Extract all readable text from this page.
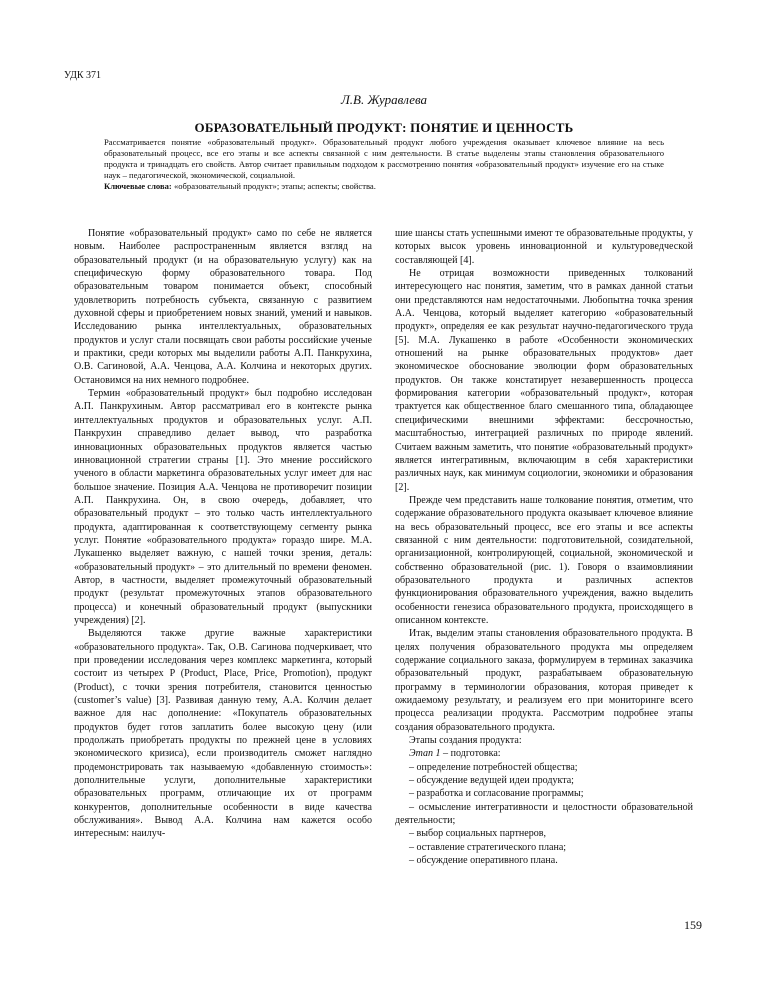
УДК 371
Л.В. Журавлева
ОБРАЗОВАТЕЛЬНЫЙ ПРОДУКТ: ПОНЯТИЕ И ЦЕННОСТЬ

Рассматривается понятие «образовательный продукт». Образовательный продукт любого учреждения оказывает ключевое влияние на весь образовательный процесс, все его этапы и все аспекты связанной с ним деятельности. В статье выделены этапы становления образовательного продукта и тринадцать его свойств. Автор считает правильным подходом к рассмотрению понятия «образовательный продукт» изучение его на стыке наук – педагогической, экономической, социальной.

Ключевые слова: «образовательный продукт»; этапы; аспекты; свойства.

Понятие «образовательный продукт» само по себе не является новым. Наиболее распространенным является взгляд на образовательный продукт (и на образовательную услугу) как на специфическую форму образовательного товара. Под образовательным товаром понимается объект, способный удовлетворить потребность субъекта, связанную с развитием духовной сферы и приобретением новых знаний, умений и навыков. Исследованию рынка интеллектуальных, образовательных продуктов и услуг стали посвящать свои работы российские ученые и практики, среди которых мы выделили работы А.П. Панкрухина, О.В. Сагиновой, А.А. Ченцова, А.А. Колчина и некоторых других. Остановимся на них немного подробнее.

Термин «образовательный продукт» был подробно исследован А.П. Панкрухиным. Автор рассматривал его в контексте рынка интеллектуальных продуктов и образовательных услуг. А.П. Панкрухин справедливо делает вывод, что разработка инновационных образовательных продуктов является частью инновационной стратегии страны [1]. Это мнение российского ученого в области маркетинга образовательных услуг имеет для нас большое значение. Позиция А.А. Ченцова не противоречит позиции А.П. Панкрухина. Он, в свою очередь, добавляет, что образовательный продукт – это только часть интеллектуального продукта, адаптированная к соответствующему сегменту рынка услуг. Понятие «образовательного продукта» гораздо шире. М.А. Лукашенко выделяет важную, с нашей точки зрения, деталь: «образовательный продукт» – это длительный по времени феномен. Автор, в частности, выделяет промежуточный образовательный продукт (результат промежуточных этапов образовательного процесса) и конечный образовательный продукт (выпускники учреждения) [2].

Выделяются также другие важные характеристики «образовательного продукта». Так, О.В. Сагинова подчеркивает, что при проведении исследования через комплекс маркетинга, который состоит из четырех P (Product, Place, Price, Promotion), продукт (Product), с точки зрения потребителя, становится ценностью (customer’s value) [3]. Развивая данную тему, А.А. Колчин делает важное для нас дополнение: «Покупатель образовательных продуктов будет готов заплатить более высокую цену (или продолжать приобретать продукты по прежней цене в условиях экономического кризиса), если производитель сможет наглядно продемонстрировать так называемую «добавленную стоимость»: дополнительные услуги, дополнительные характеристики образовательных программ, отличающие их от программ конкурентов, дополнительные особенности в виде качества обслуживания». Вывод А.А. Колчина нам кажется особо интересным: наилуч-

шие шансы стать успешными имеют те образовательные продукты, у которых высок уровень инновационной и культуроведческой составляющей [4].

Не отрицая возможности приведенных толкований интересующего нас понятия, заметим, что в рамках данной статьи они представляются нам недостаточными. Любопытна точка зрения А.А. Ченцова, который выделяет категорию «образовательный продукт», определяя ее как результат научно-педагогического труда [5]. М.А. Лукашенко в работе «Особенности экономических отношений на рынке образовательных продуктов» дает экономическое обоснование эволюции форм образовательных продуктов. Он также констатирует незавершенность процесса формирования категории «образовательный продукт», которая трактуется как общественное благо смешанного типа, обладающее специфическими внешними эффектами: бессрочностью, масштабностью, интеграцией различных по природе явлений. Считаем важным заметить, что понятие «образовательный продукт» является интегративным, включающим в себя характеристики различных наук, как минимум социологии, экономики и образования [2].

Прежде чем представить наше толкование понятия, отметим, что содержание образовательного продукта оказывает ключевое влияние на весь образовательный процесс, все его этапы и все аспекты связанной с ним деятельности: подготовительной, созидательной, организационной, контролирующей, социальной, экономической и собственно образовательной (рис. 1). Говоря о взаимовлиянии образовательного продукта и различных аспектов функционирования образовательного учреждения, важно выделить особенности генезиса образовательного продукта, происходящего в описанном контексте.

Итак, выделим этапы становления образовательного продукта. В целях получения образовательного продукта мы определяем содержание социального заказа, формулируем в терминах заказчика образовательный продукт, разрабатываем образовательную программу в терминологии образования, которая приведет к ожидаемому результату, и реализуем его при мониторинге всего процесса реализации продукта. Рассмотрим подробнее этапы создания образовательного продукта.

Этапы создания продукта:

Этап 1 – подготовка:

– определение потребностей общества;

– обсуждение ведущей идеи продукта;

– разработка и согласование программы;

– осмысление интегративности и целостности образовательной деятельности;

– выбор социальных партнеров,

– оставление стратегического плана;

– обсуждение оперативного плана.

159
